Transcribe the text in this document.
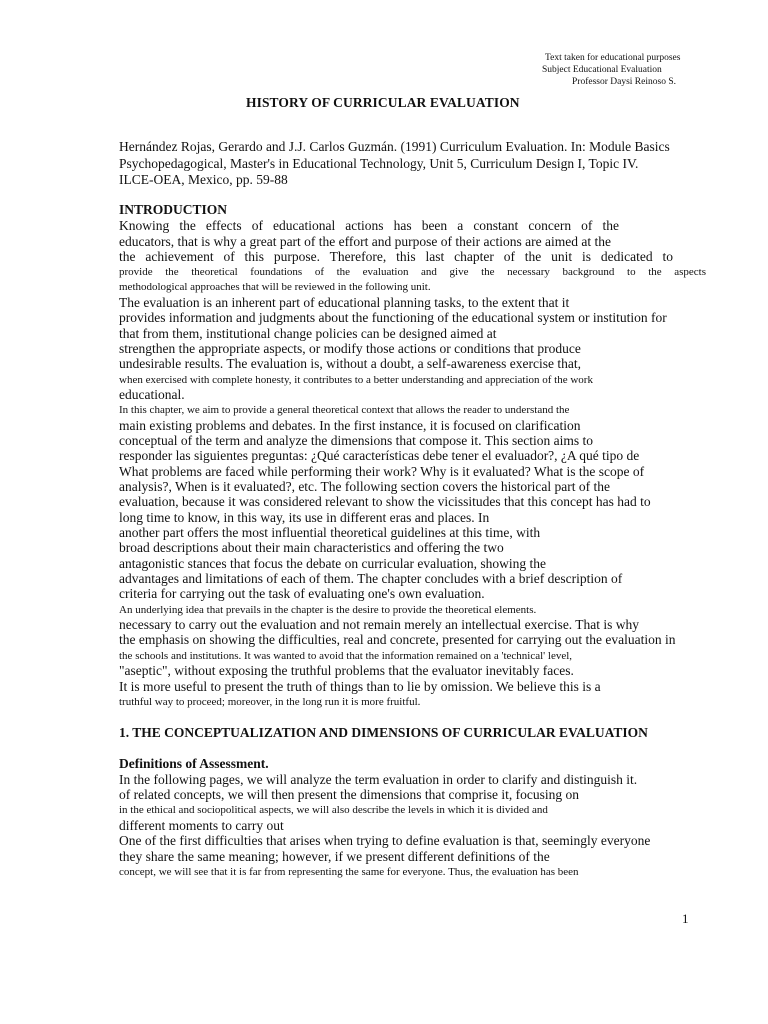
Text taken for educational purposes
Subject Educational Evaluation
Professor Daysi Reinoso S.
HISTORY OF CURRICULAR EVALUATION
Hernández Rojas, Gerardo and J.J. Carlos Guzmán. (1991) Curriculum Evaluation. In: Module Basics
Psychopedagogical, Master's in Educational Technology, Unit 5, Curriculum Design I, Topic IV.
ILCE-OEA, Mexico, pp. 59-88
INTRODUCTION
Knowing the effects of educational actions has been a constant concern of the
educators, that is why a great part of the effort and purpose of their actions are aimed at the
the achievement of this purpose. Therefore, this last chapter of the unit is dedicated to
provide the theoretical foundations of the evaluation and give the necessary background to the aspects
methodological approaches that will be reviewed in the following unit.
The evaluation is an inherent part of educational planning tasks, to the extent that it
provides information and judgments about the functioning of the educational system or institution for
that from them, institutional change policies can be designed aimed at
strengthen the appropriate aspects, or modify those actions or conditions that produce
undesirable results. The evaluation is, without a doubt, a self-awareness exercise that,
when exercised with complete honesty, it contributes to a better understanding and appreciation of the work
educational.
In this chapter, we aim to provide a general theoretical context that allows the reader to understand the
main existing problems and debates. In the first instance, it is focused on clarification
conceptual of the term and analyze the dimensions that compose it. This section aims to
responder las siguientes preguntas: ¿Qué características debe tener el evaluador?, ¿A qué tipo de
What problems are faced while performing their work? Why is it evaluated? What is the scope of
analysis?, When is it evaluated?, etc. The following section covers the historical part of the
evaluation, because it was considered relevant to show the vicissitudes that this concept has had to
long time to know, in this way, its use in different eras and places. In
another part offers the most influential theoretical guidelines at this time, with
broad descriptions about their main characteristics and offering the two
antagonistic stances that focus the debate on curricular evaluation, showing the
advantages and limitations of each of them. The chapter concludes with a brief description of
criteria for carrying out the task of evaluating one's own evaluation.
An underlying idea that prevails in the chapter is the desire to provide the theoretical elements.
necessary to carry out the evaluation and not remain merely an intellectual exercise. That is why
the emphasis on showing the difficulties, real and concrete, presented for carrying out the evaluation in
the schools and institutions. It was wanted to avoid that the information remained on a 'technical' level,
"aseptic", without exposing the truthful problems that the evaluator inevitably faces.
It is more useful to present the truth of things than to lie by omission. We believe this is a
truthful way to proceed; moreover, in the long run it is more fruitful.
1. THE CONCEPTUALIZATION AND DIMENSIONS OF CURRICULAR EVALUATION
Definitions of Assessment.
In the following pages, we will analyze the term evaluation in order to clarify and distinguish it.
of related concepts, we will then present the dimensions that comprise it, focusing on
in the ethical and sociopolitical aspects, we will also describe the levels in which it is divided and
different moments to carry out
One of the first difficulties that arises when trying to define evaluation is that, seemingly everyone
they share the same meaning; however, if we present different definitions of the
concept, we will see that it is far from representing the same for everyone. Thus, the evaluation has been
1
